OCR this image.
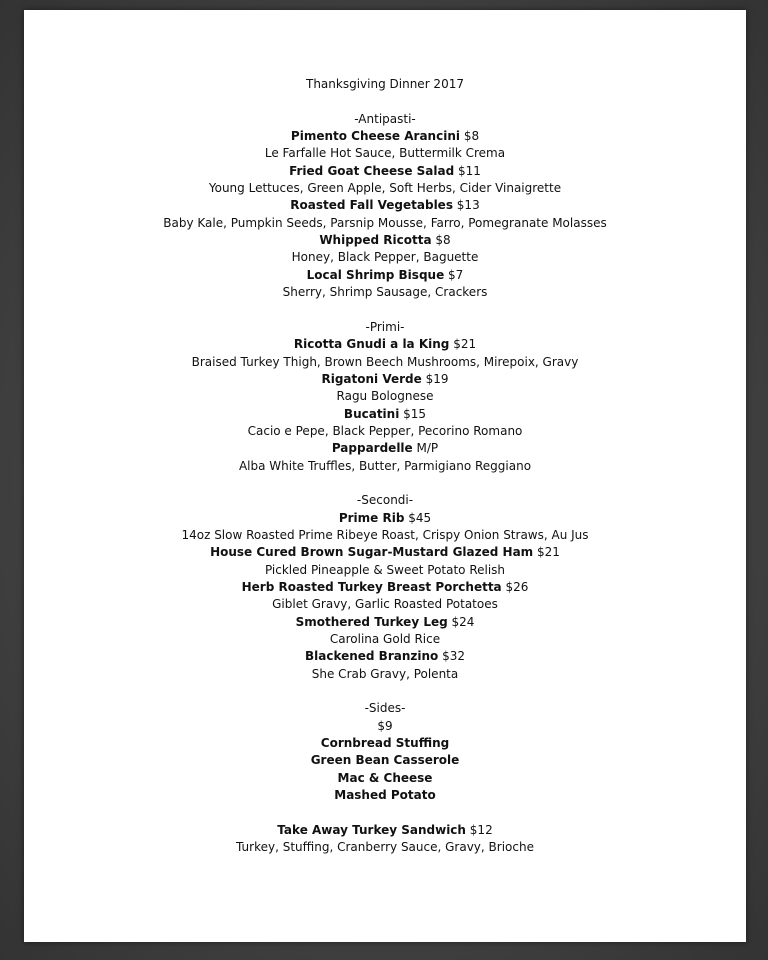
Thanksgiving Dinner 2017
-Antipasti-
Pimento Cheese Arancini $8
Le Farfalle Hot Sauce, Buttermilk Crema
Fried Goat Cheese Salad $11
Young Lettuces, Green Apple, Soft Herbs, Cider Vinaigrette
Roasted Fall Vegetables $13
Baby Kale, Pumpkin Seeds, Parsnip Mousse, Farro, Pomegranate Molasses
Whipped Ricotta $8
Honey, Black Pepper, Baguette
Local Shrimp Bisque $7
Sherry, Shrimp Sausage, Crackers
-Primi-
Ricotta Gnudi a la King $21
Braised Turkey Thigh, Brown Beech Mushrooms, Mirepoix, Gravy
Rigatoni Verde $19
Ragu Bolognese
Bucatini $15
Cacio e Pepe, Black Pepper, Pecorino Romano
Pappardelle M/P
Alba White Truffles, Butter, Parmigiano Reggiano
-Secondi-
Prime Rib $45
14oz Slow Roasted Prime Ribeye Roast, Crispy Onion Straws, Au Jus
House Cured Brown Sugar-Mustard Glazed Ham $21
Pickled Pineapple & Sweet Potato Relish
Herb Roasted Turkey Breast Porchetta $26
Giblet Gravy, Garlic Roasted Potatoes
Smothered Turkey Leg $24
Carolina Gold Rice
Blackened Branzino $32
She Crab Gravy, Polenta
-Sides-
$9
Cornbread Stuffing
Green Bean Casserole
Mac & Cheese
Mashed Potato
Take Away Turkey Sandwich $12
Turkey, Stuffing, Cranberry Sauce, Gravy, Brioche
